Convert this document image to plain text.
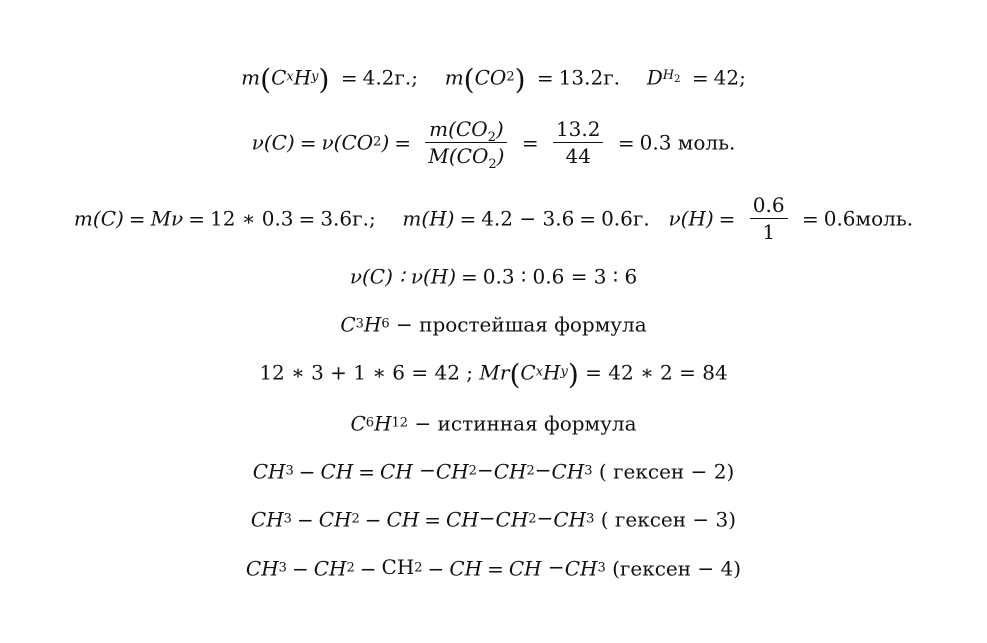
m(CxHy) = 4.2г.; m(CO2) = 13.2г. $DH_2 = 42$;
$\nu(C) = \nu(CO2) = \frac{m(CO_2)}{M(CO_2)} = \frac{13.2}{44} = 0.3$ моль.
m(C) = Mν = 12 ∗ 0.3 = 3.6г.; m(H) = 4.2 − 3.6 = 0.6г. $\nu(H) = \frac{0.6}{1}$ = 0.6моль.
ν(C) ∶ ν(H) = 0.3 ∶ 0.6 = 3 ∶ 6
C3H6 − простейшая формула
12 ∗ 3 + 1 ∗ 6 = 42 ; Mr(CxHy) = 42 ∗ 2 = 84
C6H12 − истинная формула
CH3 − CH = CH −CH2−CH2−CH3 ( гексен − 2)
CH3 − CH2 − CH = CH−CH2−CH3 ( гексен − 3)
CH3 − CH2 − CH2 − CH = CH −CH3 (гексен − 4)
